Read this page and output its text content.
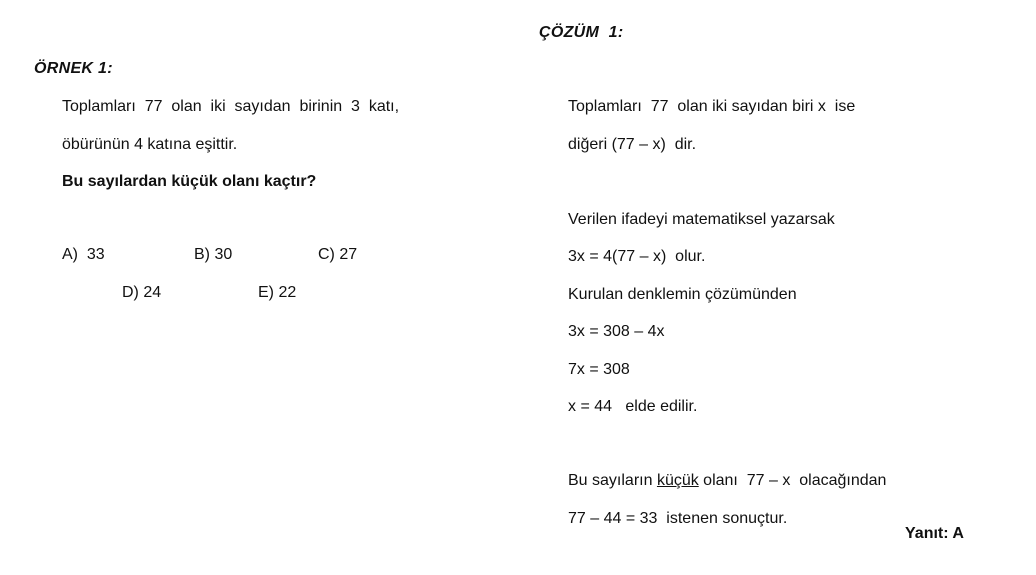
ÖRNEK 1:
Toplamları  77  olan  iki  sayıdan  birinin  3  katı,
öbürünün 4 katına eşittir.
Bu sayılardan küçük olanı kaçtır?
A) 33	B) 30	C) 27
D) 24	E) 22
ÇÖZÜM  1:
Toplamları  77  olan iki sayıdan biri x  ise
diğeri (77 – x)  dir.
Verilen ifadeyi matematiksel yazarsak
3x = 4(77 – x)  olur.
Kurulan denklemin çözümünden
3x = 308 – 4x
7x = 308
x = 44   elde edilir.
Bu sayıların küçük olanı  77 – x  olacağından
77 – 44 = 33  istenen sonuçtur.
Yanıt: A
